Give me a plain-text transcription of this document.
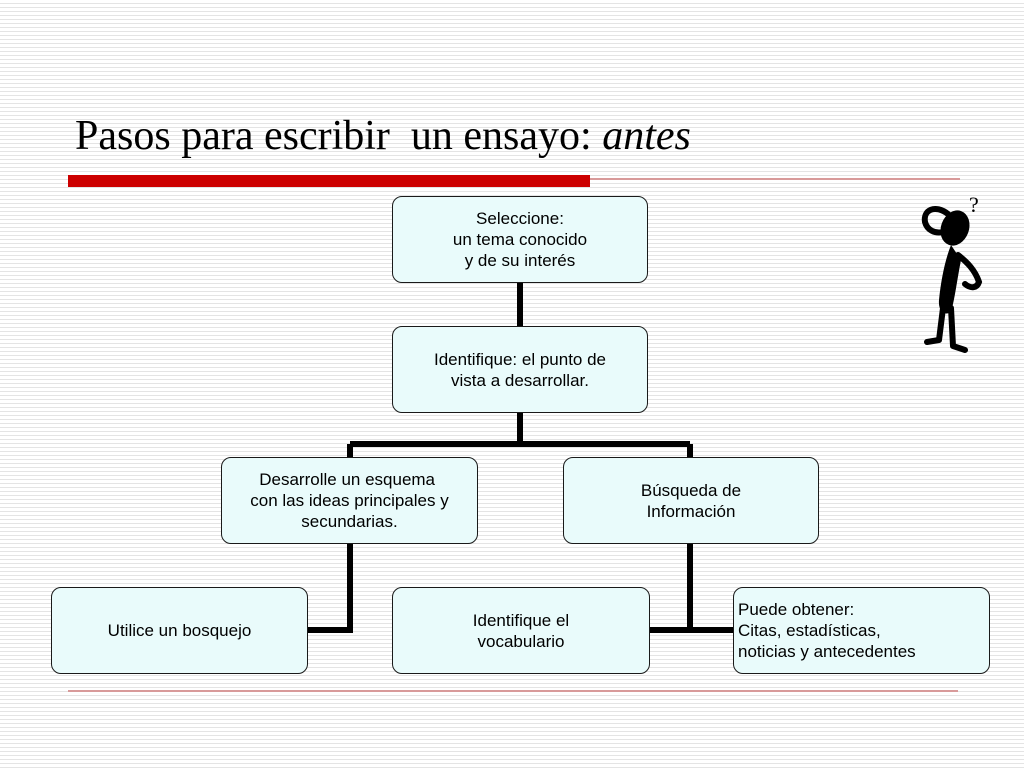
Pasos para escribir  un ensayo: antes
Seleccione:
un tema conocido
y de su interés
Identifique: el punto de
vista a desarrollar.
Desarrolle un esquema
con las ideas principales y
secundarias.
Búsqueda de
Información
Utilice un bosquejo
Identifique el
vocabulario
Puede obtener:
Citas, estadísticas,
noticias y antecedentes
?
